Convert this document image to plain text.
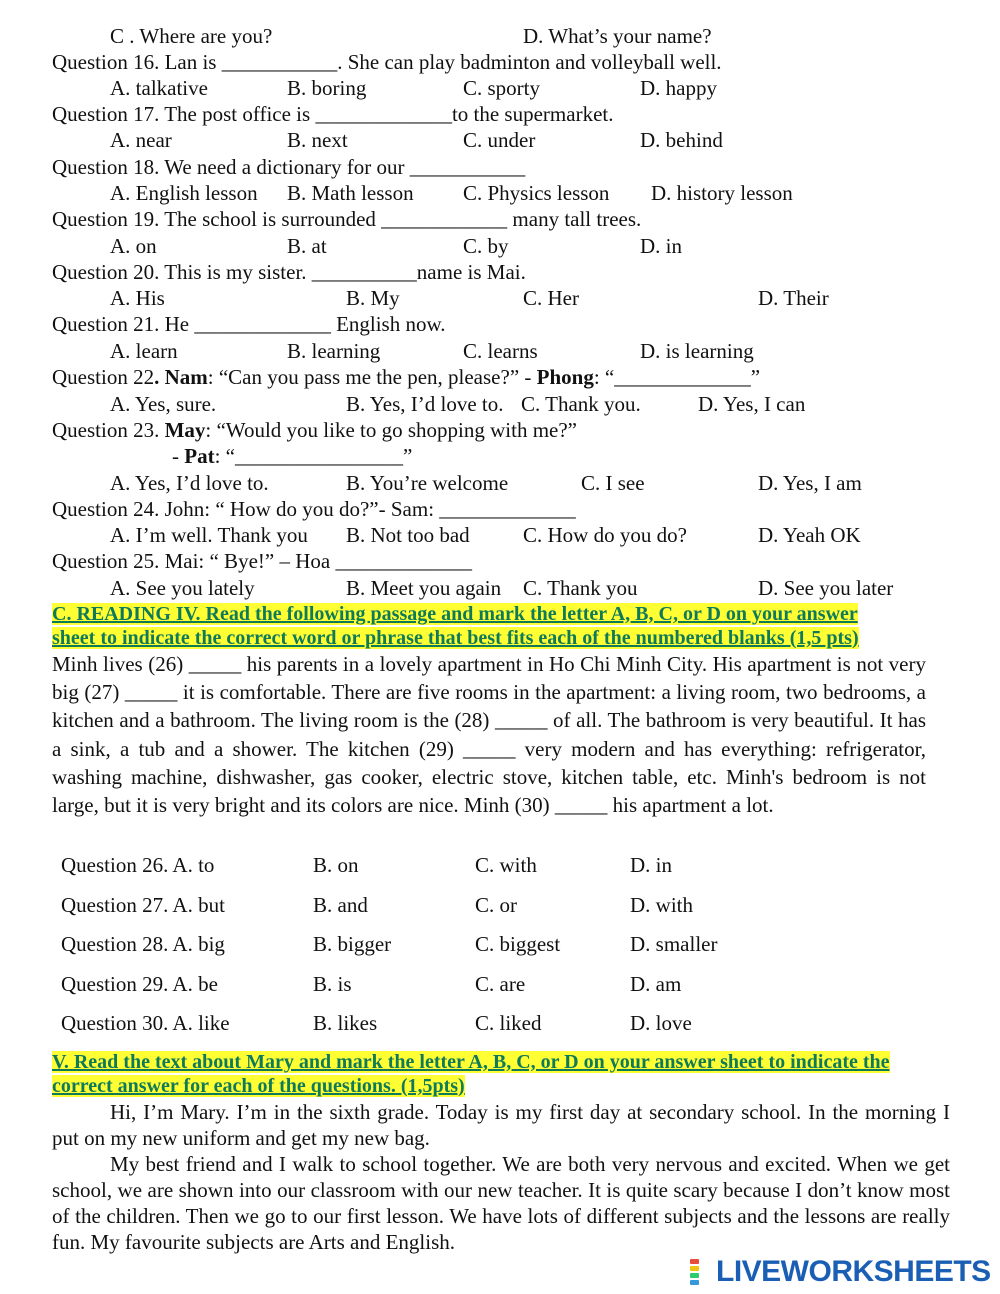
C . Where are you?	D. What’s your name?
Question 16. Lan is ___________. She can play badminton and volleyball well.
A. talkative	B. boring	C. sporty	D. happy
Question 17. The post office is _____________to the supermarket.
A. near	B. next	C. under	D. behind
Question 18. We need a dictionary for our ___________
A. English lesson B. Math lesson C. Physics lesson D. history lesson
Question 19. The school is surrounded ____________ many tall trees.
A. on	B. at	C. by	D. in
Question 20. This is my sister. __________name is Mai.
A. His	B. My	C. Her	D. Their
Question 21. He _____________ English now.
A. learn	B. learning	C. learns	D. is learning
Question 22. Nam: “Can you pass me the pen, please?” - Phong: “_____________”
A. Yes, sure.	B. Yes, I’d love to. C. Thank you.	D. Yes, I can
Question 23. May: “Would you like to go shopping with me?”
- Pat: “________________”
A. Yes, I’d love to.	B. You’re welcome	C. I see	D. Yes, I am
Question 24. John: “ How do you do?”- Sam: _____________
A. I’m well. Thank you B. Not too bad	C. How do you do?	D. Yeah OK
Question 25. Mai: “ Bye!” – Hoa _____________
A. See you lately	B. Meet you again C. Thank you	D. See you later
C. READING IV. Read the following passage and mark the letter A, B, C, or D on your answer
sheet to indicate the correct word or phrase that best fits each of the numbered blanks (1,5 pts)
Minh lives (26) _____ his parents in a lovely apartment in Ho Chi Minh City. His apartment is not very big (27) _____ it is comfortable. There are five rooms in the apartment: a living room, two bedrooms, a kitchen and a bathroom. The living room is the (28) _____ of all. The bathroom is very beautiful. It has a sink, a tub and a shower. The kitchen (29) _____ very modern and has everything: refrigerator, washing machine, dishwasher, gas cooker, electric stove, kitchen table, etc. Minh's bedroom is not large, but it is very bright and its colors are nice. Minh (30) _____ his apartment a lot.
Question 26. A. to	B. on	C. with	D. in
Question 27. A. but	B. and	C. or	D. with
Question 28. A. big	B. bigger	C. biggest	D. smaller
Question 29. A. be	B. is	C. are	D. am
Question 30. A. like	B. likes	C. liked	D. love
V. Read the text about Mary and mark the letter A, B, C, or D on your answer sheet to indicate the
correct answer for each of the questions. (1,5pts)

Hi, I’m Mary. I’m in the sixth grade. Today is my first day at secondary school. In the morning I put on my new uniform and get my new bag.

My best friend and I walk to school together. We are both very nervous and excited. When we get school, we are shown into our classroom with our new teacher. It is quite scary because I don’t know most of the children. Then we go to our first lesson. We have lots of different subjects and the lessons are really fun. My favourite subjects are Arts and English.

LIVEWORKSHEETS
